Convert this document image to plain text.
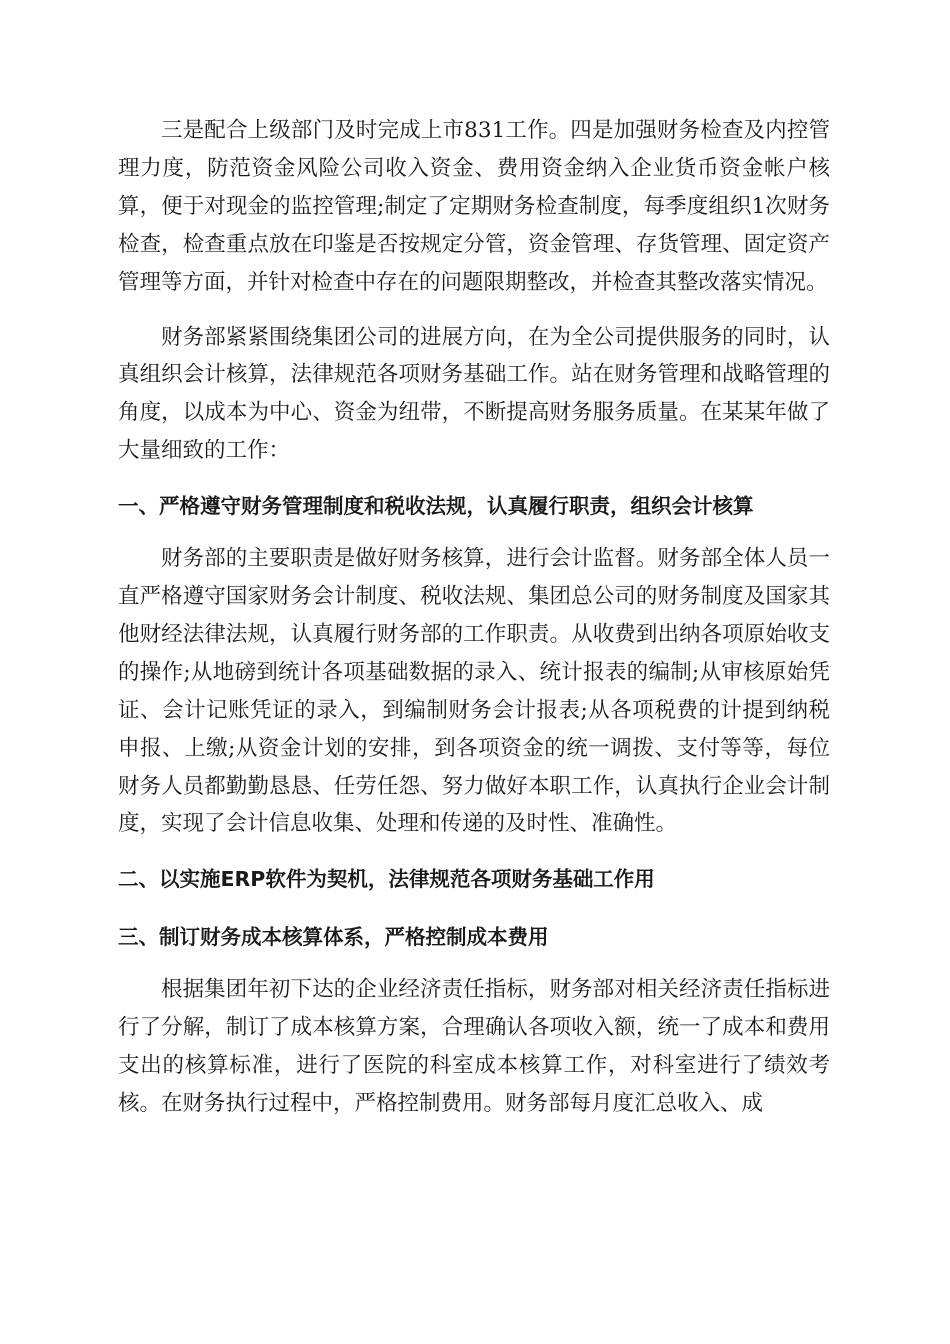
三是配合上级部门及时完成上市831工作。四是加强财务检查及内控管理力度，防范资金风险公司收入资金、费用资金纳入企业货币资金帐户核算，便于对现金的监控管理;制定了定期财务检查制度，每季度组织1次财务检查，检查重点放在印鉴是否按规定分管，资金管理、存货管理、固定资产管理等方面，并针对检查中存在的问题限期整改，并检查其整改落实情况。

财务部紧紧围绕集团公司的进展方向，在为全公司提供服务的同时，认真组织会计核算，法律规范各项财务基础工作。站在财务管理和战略管理的角度，以成本为中心、资金为纽带，不断提高财务服务质量。在某某年做了大量细致的工作：

一、严格遵守财务管理制度和税收法规，认真履行职责，组织会计核算

财务部的主要职责是做好财务核算，进行会计监督。财务部全体人员一直严格遵守国家财务会计制度、税收法规、集团总公司的财务制度及国家其他财经法律法规，认真履行财务部的工作职责。从收费到出纳各项原始收支的操作;从地磅到统计各项基础数据的录入、统计报表的编制;从审核原始凭证、会计记账凭证的录入，到编制财务会计报表;从各项税费的计提到纳税申报、上缴;从资金计划的安排，到各项资金的统一调拨、支付等等，每位财务人员都勤勤恳恳、任劳任怨、努力做好本职工作，认真执行企业会计制度，实现了会计信息收集、处理和传递的及时性、准确性。

二、以实施ERP软件为契机，法律规范各项财务基础工作用

三、制订财务成本核算体系，严格控制成本费用

根据集团年初下达的企业经济责任指标，财务部对相关经济责任指标进行了分解，制订了成本核算方案，合理确认各项收入额，统一了成本和费用支出的核算标准，进行了医院的科室成本核算工作，对科室进行了绩效考核。在财务执行过程中，严格控制费用。财务部每月度汇总收入、成
